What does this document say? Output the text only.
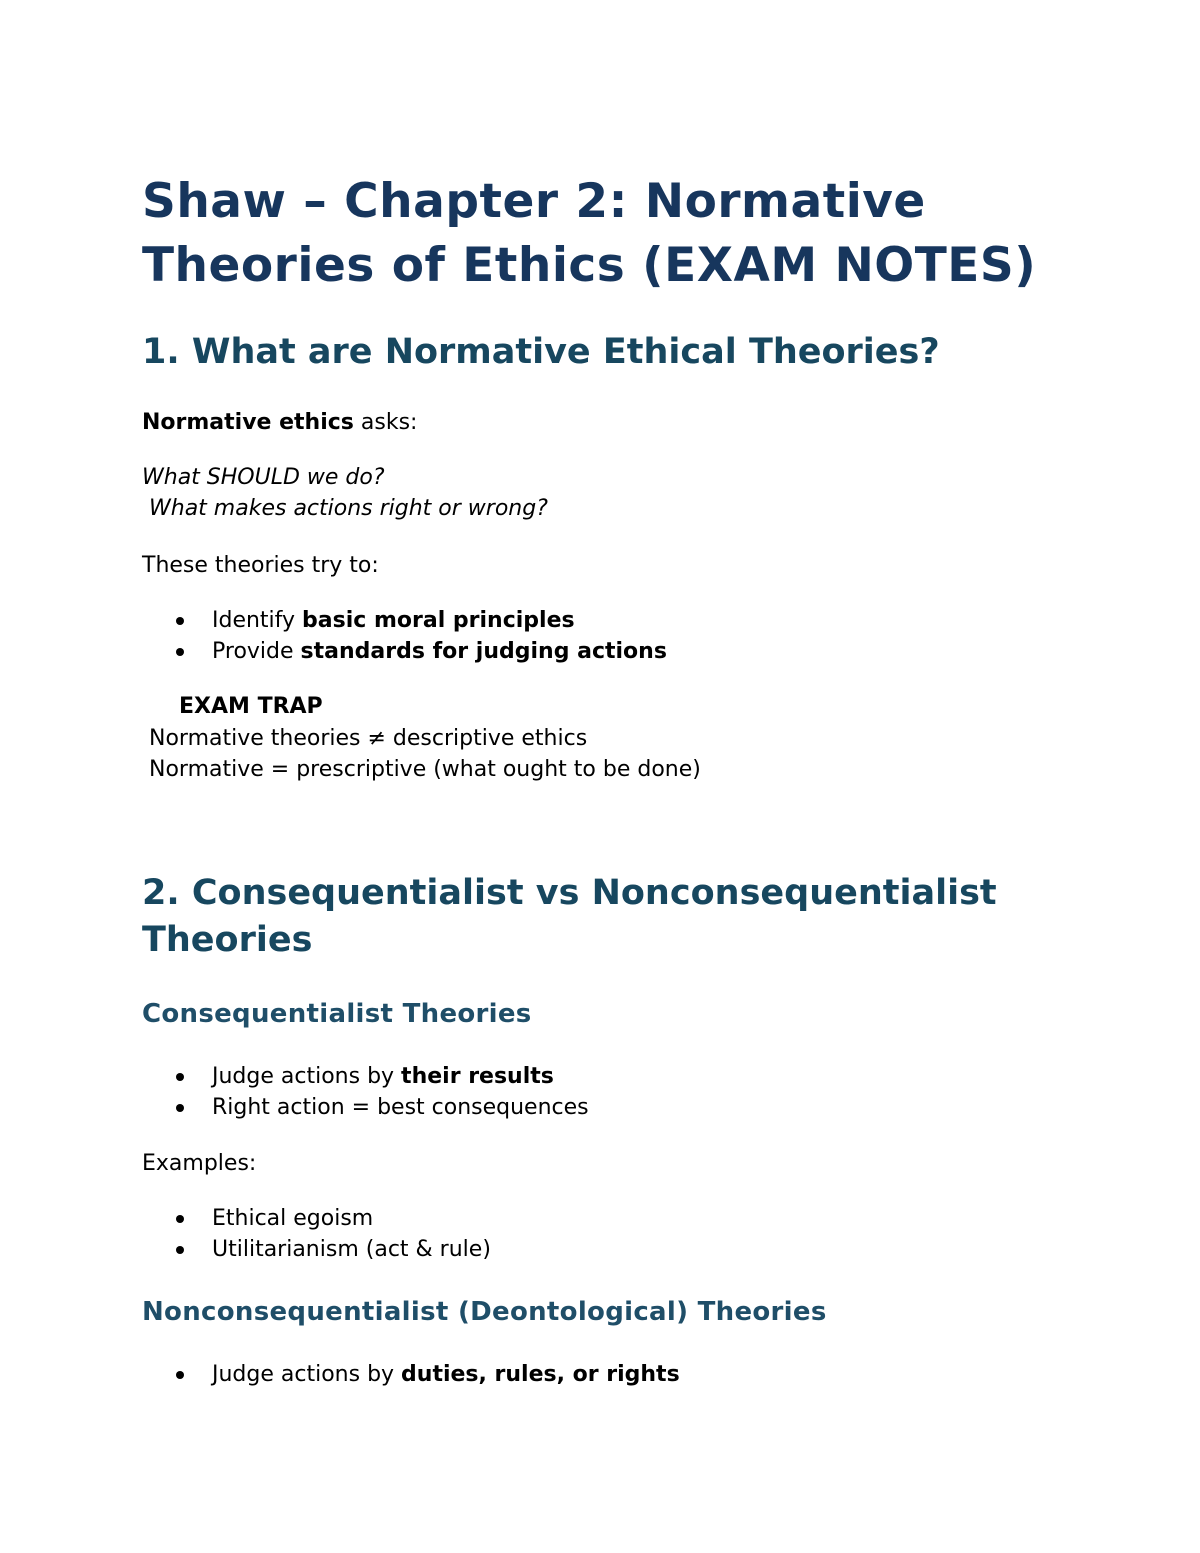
Shaw – Chapter 2: Normative Theories of Ethics (EXAM NOTES)
1. What are Normative Ethical Theories?

Normative ethics asks:

What SHOULD we do?

What makes actions right or wrong?

These theories try to:

Identify basic moral principles
Provide standards for judging actions

EXAM TRAP

Normative theories ≠ descriptive ethics

Normative = prescriptive (what ought to be done)

2. Consequentialist vs Nonconsequentialist Theories
Consequentialist Theories
Judge actions by their results
Right action = best consequences

Examples:

Ethical egoism
Utilitarianism (act & rule)
Nonconsequentialist (Deontological) Theories
Judge actions by duties, rules, or rights
